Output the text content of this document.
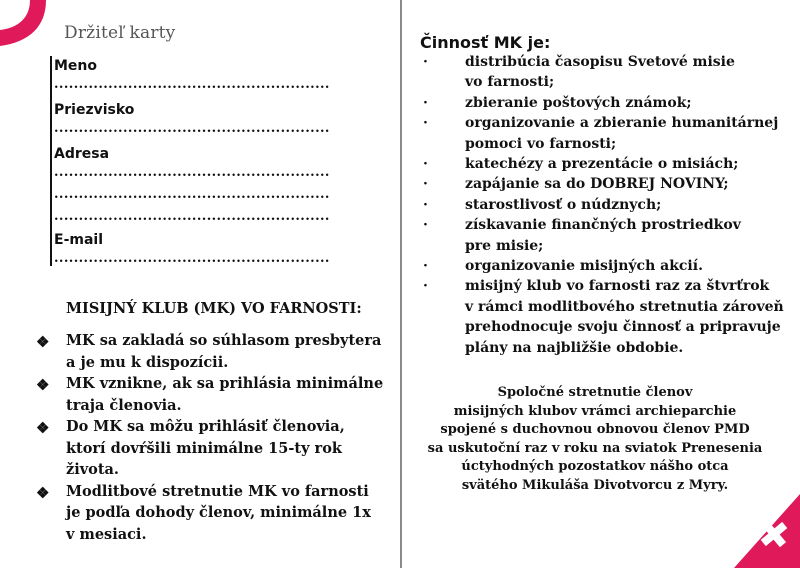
Držiteľ karty
Meno
........................................................
Priezvisko
........................................................
Adresa
........................................................
........................................................
........................................................
E-mail
........................................................
MISIJNÝ KLUB (MK) VO FARNOSTI:
❖ MK sa zakladá so súhlasom presbytera
a je mu k dispozícii.
❖ MK vznikne, ak sa prihlásia minimálne
traja členovia.
❖ Do MK sa môžu prihlásiť členovia,
ktorí dovŕšili minimálne 15-ty rok života.
❖ Modlitbové stretnutie MK vo farnosti
je podľa dohody členov, minimálne 1x
v mesiaci.
Činnosť MK je:
·	distribúcia časopisu Svetové misie
vo farnosti;
·	zbieranie poštových známok;
·	organizovanie a zbieranie humanitárnej
pomoci vo farnosti;
·	katechézy a prezentácie o misiách;
·	zapájanie sa do DOBREJ NOVINY;
·	starostlivosť o núdznych;
·	získavanie finančných prostriedkov
pre misie;
·	organizovanie misijných akcií.
·	misijný klub vo farnosti raz za štvrťrok
v rámci modlitbového stretnutia zároveň
prehodnocuje svoju činnosť a pripravuje
plány na najbližšie obdobie.
Spoločné stretnutie členov
misijných klubov vrámci archieparchie
spojené s duchovnou obnovou členov PMD
sa uskutoční raz v roku na sviatok Prenesenia
úctyhodných pozostatkov nášho otca
svätého Mikuláša Divotvorcu z Myry.
